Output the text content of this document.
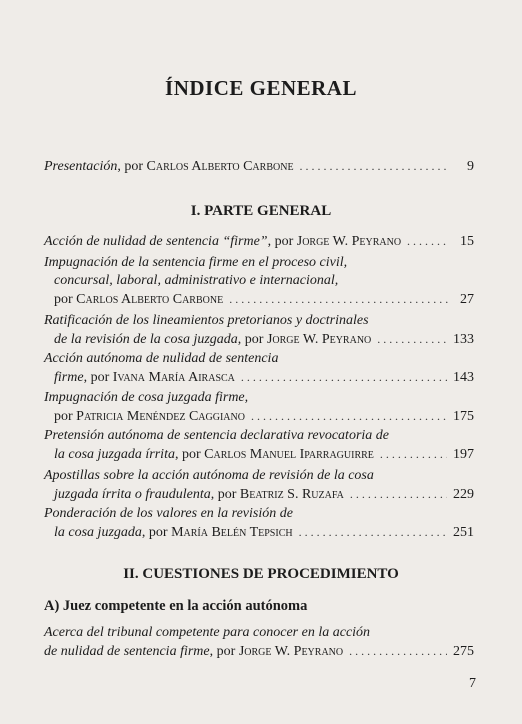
ÍNDICE GENERAL
Presentación , por
Carlos Alberto Carbone .....	9
I. PARTE GENERAL
Acción de nulidad de sentencia “firme” , por
Jorge W. Peyrano .....	15
Impugnación de la sentencia firme en el proceso civil,
concursal, laboral, administrativo e internacional,
por
Carlos Alberto Carbone .....	27
Ratificación de los lineamientos pretorianos y doctrinales
de la revisión de la cosa juzgada , por
Jorge W. Peyrano .....	133
Acción autónoma de nulidad de sentencia
firme , por
Ivana María Airasca .....	143
Impugnación de cosa juzgada firme,
por
Patricia Menéndez Caggiano .....	175
Pretensión autónoma de sentencia declarativa revocatoria de
la cosa juzgada írrita , por
Carlos Manuel Iparraguirre .....	197
Apostillas sobre la acción autónoma de revisión de la cosa
juzgada írrita o fraudulenta , por
Beatriz S. Ruzafa .....	229
Ponderación de los valores en la revisión de
la cosa juzgada , por
María Belén Tepsich .....	251
II. CUESTIONES DE PROCEDIMIENTO
A) Juez competente en la acción autónoma
Acerca del tribunal competente para conocer en la acción
de nulidad de sentencia firme , por
Jorge W. Peyrano .....	275
7
